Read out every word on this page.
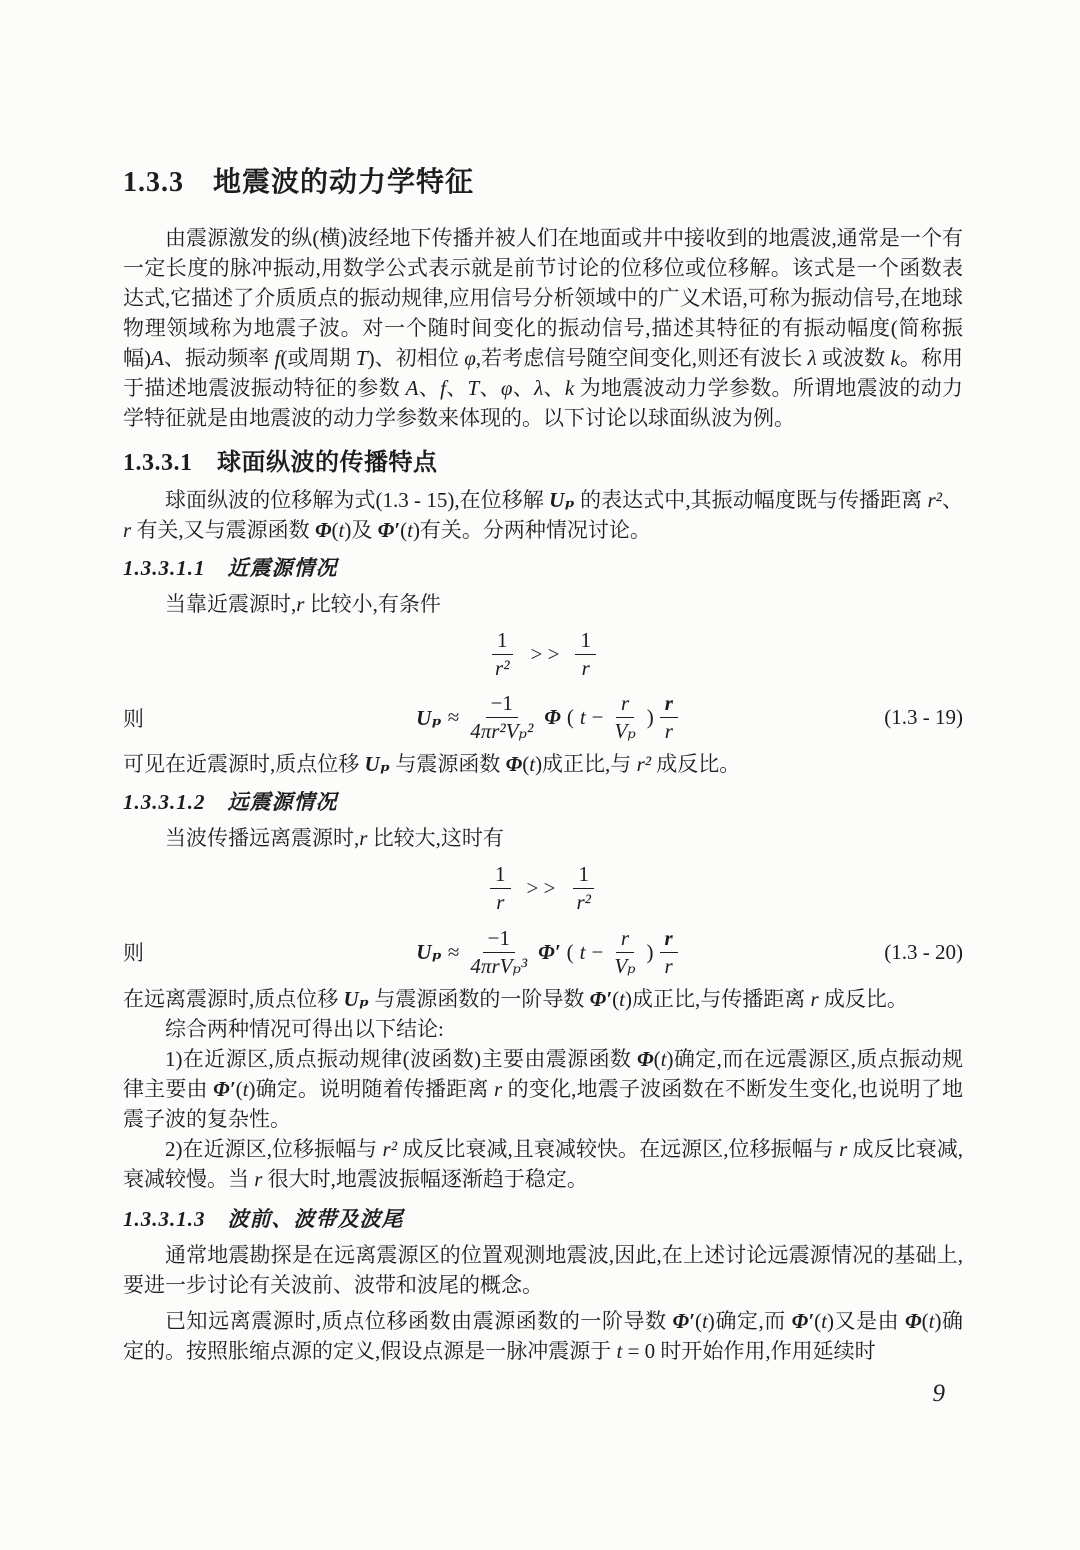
1.3.3　地震波的动力学特征

由震源激发的纵(横)波经地下传播并被人们在地面或井中接收到的地震波,通常是一个有一定长度的脉冲振动,用数学公式表示就是前节讨论的位移位或位移解。该式是一个函数表达式,它描述了介质质点的振动规律,应用信号分析领域中的广义术语,可称为振动信号,在地球物理领域称为地震子波。对一个随时间变化的振动信号,描述其特征的有振动幅度(简称振幅)A、振动频率 f(或周期 T)、初相位 φ,若考虑信号随空间变化,则还有波长 λ 或波数 k。称用于描述地震波振动特征的参数 A、f、T、φ、λ、k 为地震波动力学参数。所谓地震波的动力学特征就是由地震波的动力学参数来体现的。以下讨论以球面纵波为例。

1.3.3.1　球面纵波的传播特点

球面纵波的位移解为式(1.3 - 15),在位移解 Uₚ 的表达式中,其振动幅度既与传播距离 r²、r 有关,又与震源函数 Φ(t)及 Φ′(t)有关。分两种情况讨论。

1.3.3.1.1　近震源情况

当靠近震源时,r 比较小,有条件

$\frac{1}{\text{r²}}$ > > $\frac{1}{r}$
则	$U_p \approx \frac{-1}{\text{4πr²Vₚ²}}$ Φ ( $t - \frac{r}{\text{Vₚ}}$ ) $\frac{r}{r}$	(1.3 - 19)

可见在近震源时,质点位移 Uₚ 与震源函数 Φ(t)成正比,与 r² 成反比。

1.3.3.1.2　远震源情况

当波传播远离震源时,r 比较大,这时有

$\frac{1}{r}$ > > $\frac{1}{\text{r²}}$
则	$U_p \approx \frac{-1}{\text{4πrVₚ³}} \Phi'$ ( $t - \frac{r}{\text{Vₚ}}$ ) $\frac{r}{r}$	(1.3 - 20)

在远离震源时,质点位移 Uₚ 与震源函数的一阶导数 Φ′(t)成正比,与传播距离 r 成反比。

综合两种情况可得出以下结论:

1)在近源区,质点振动规律(波函数)主要由震源函数 Φ(t)确定,而在远震源区,质点振动规律主要由 Φ′(t)确定。说明随着传播距离 r 的变化,地震子波函数在不断发生变化,也说明了地震子波的复杂性。

2)在近源区,位移振幅与 r² 成反比衰减,且衰减较快。在远源区,位移振幅与 r 成反比衰减,衰减较慢。当 r 很大时,地震波振幅逐渐趋于稳定。

1.3.3.1.3　波前、波带及波尾

通常地震勘探是在远离震源区的位置观测地震波,因此,在上述讨论远震源情况的基础上,要进一步讨论有关波前、波带和波尾的概念。

已知远离震源时,质点位移函数由震源函数的一阶导数 Φ′(t)确定,而 Φ′(t)又是由 Φ(t)确定的。按照胀缩点源的定义,假设点源是一脉冲震源于 t = 0 时开始作用,作用延续时

9
